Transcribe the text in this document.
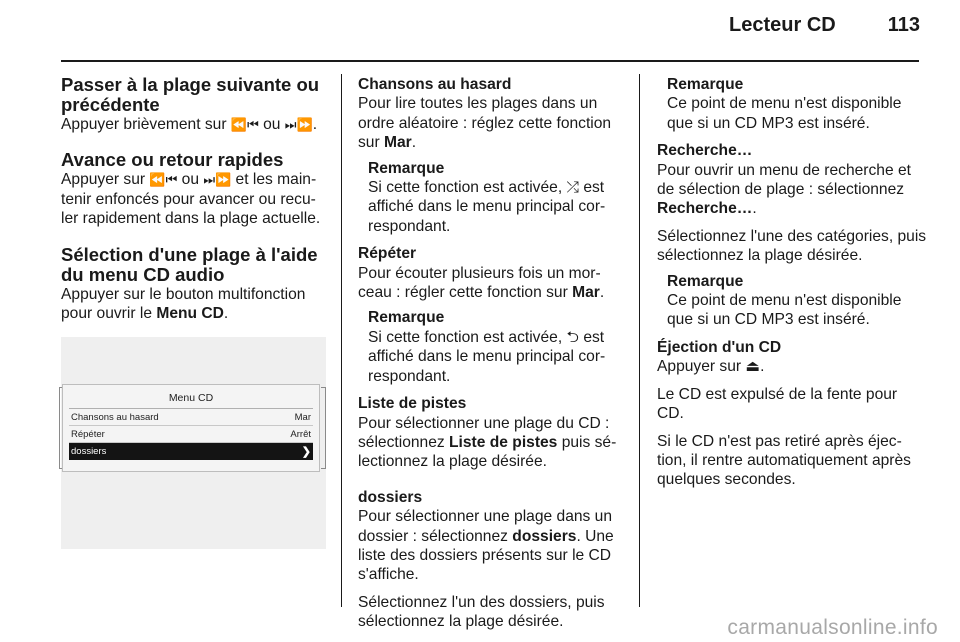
Lecteur CD	113
Passer à la plage suivante ou précédente
Appuyer brièvement sur ⏪⏮ ou ⏭⏩.
Avance ou retour rapides
Appuyer sur ⏪⏮ ou ⏭⏩ et les main-tenir enfoncés pour avancer ou recu-ler rapidement dans la plage actuelle.
Sélection d'une plage à l'aide du menu CD audio
Appuyer sur le bouton multifonction pour ouvrir le Menu CD.
Menu CD
Chansons au hasard	Mar
Répéter	Arrêt
dossiers	❯
Chansons au hasard
Pour lire toutes les plages dans un ordre aléatoire : réglez cette fonction sur Mar.
Remarque
Si cette fonction est activée, ⤮ est affiché dans le menu principal cor-respondant.
Répéter
Pour écouter plusieurs fois un mor-ceau : régler cette fonction sur Mar.
Remarque
Si cette fonction est activée, ⮌ est affiché dans le menu principal cor-respondant.
Liste de pistes
Pour sélectionner une plage du CD : sélectionnez Liste de pistes puis sé-lectionnez la plage désirée.
dossiers
Pour sélectionner une plage dans un dossier : sélectionnez dossiers. Une liste des dossiers présents sur le CD s'affiche.
Sélectionnez l'un des dossiers, puis sélectionnez la plage désirée.
Remarque
Ce point de menu n'est disponible que si un CD MP3 est inséré.
Recherche…
Pour ouvrir un menu de recherche et de sélection de plage : sélectionnez Recherche….
Sélectionnez l'une des catégories, puis sélectionnez la plage désirée.
Remarque
Ce point de menu n'est disponible que si un CD MP3 est inséré.
Éjection d'un CD
Appuyer sur ⏏.
Le CD est expulsé de la fente pour CD.
Si le CD n'est pas retiré après éjec-tion, il rentre automatiquement après quelques secondes.
carmanualsonline.info
